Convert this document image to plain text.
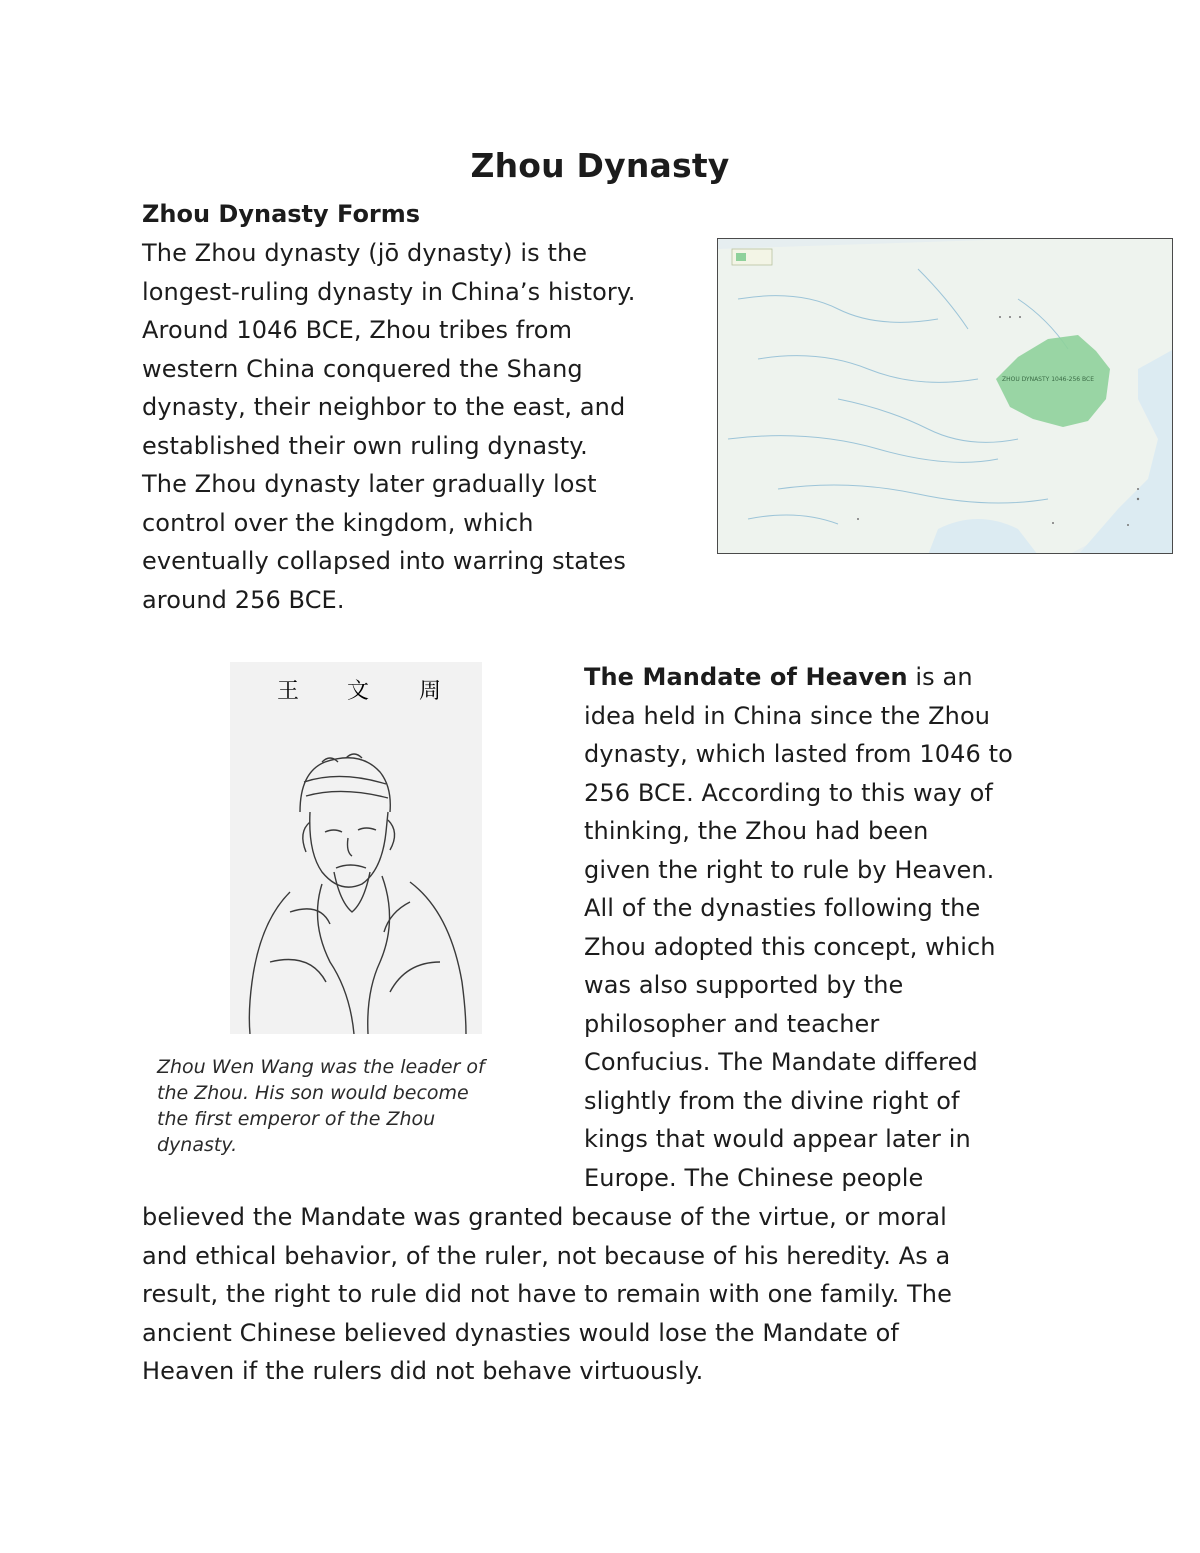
Zhou Dynasty
Zhou Dynasty Forms
The Zhou dynasty (jō dynasty) is the
longest-ruling dynasty in China’s history.
Around 1046 BCE, Zhou tribes from
western China conquered the Shang
dynasty, their neighbor to the east, and
established their own ruling dynasty.
The Zhou dynasty later gradually lost
control over the kingdom, which
eventually collapsed into warring states
around 256 BCE.
ZHOU DYNASTY 1046-256 BCE
王 文 周
Zhou Wen Wang was the leader of
the Zhou. His son would become
the first emperor of the Zhou
dynasty.
The Mandate of Heaven is an
idea held in China since the Zhou
dynasty, which lasted from 1046 to
256 BCE. According to this way of
thinking, the Zhou had been
given the right to rule by Heaven.
All of the dynasties following the
Zhou adopted this concept, which
was also supported by the
philosopher and teacher
Confucius. The Mandate differed
slightly from the divine right of
kings that would appear later in
Europe. The Chinese people
believed the Mandate was granted because of the virtue, or moral
and ethical behavior, of the ruler, not because of his heredity. As a
result, the right to rule did not have to remain with one family. The
ancient Chinese believed dynasties would lose the Mandate of
Heaven if the rulers did not behave virtuously.
